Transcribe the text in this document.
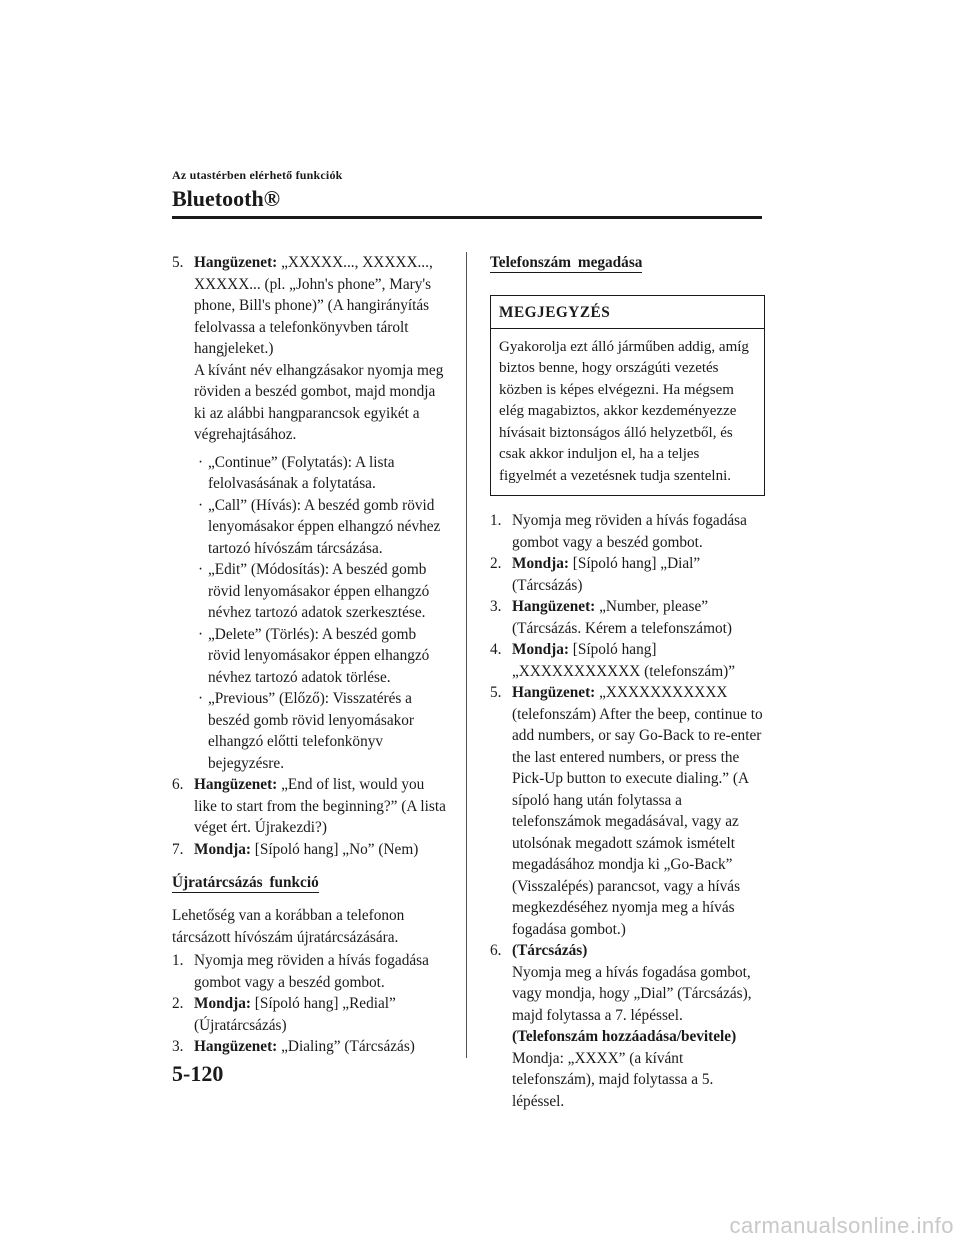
Az utastérben elérhető funkciók
Bluetooth®
5. Hangüzenet: „XXXXX..., XXXXX..., XXXXX... (pl. „John's phone”, Mary's phone, Bill's phone)” (A hangirányítás felolvassa a telefonkönyvben tárolt hangjeleket.)
A kívánt név elhangzásakor nyomja meg röviden a beszéd gombot, majd mondja ki az alábbi hangparancsok egyikét a végrehajtásához.
· „Continue” (Folytatás): A lista felolvasásának a folytatása.
· „Call” (Hívás): A beszéd gomb rövid lenyomásakor éppen elhangzó névhez tartozó hívószám tárcsázása.
· „Edit” (Módosítás): A beszéd gomb rövid lenyomásakor éppen elhangzó névhez tartozó adatok szerkesztése.
· „Delete” (Törlés): A beszéd gomb rövid lenyomásakor éppen elhangzó névhez tartozó adatok törlése.
· „Previous” (Előző): Visszatérés a beszéd gomb rövid lenyomásakor elhangzó előtti telefonkönyv bejegyzésre.
6. Hangüzenet: „End of list, would you like to start from the beginning?” (A lista véget ért. Újrakezdi?)
7. Mondja: [Sípoló hang] „No” (Nem)
Újratárcsázás funkció
Lehetőség van a korábban a telefonon tárcsázott hívószám újratárcsázására.
1. Nyomja meg röviden a hívás fogadása gombot vagy a beszéd gombot.
2. Mondja: [Sípoló hang] „Redial” (Újratárcsázás)
3. Hangüzenet: „Dialing” (Tárcsázás)
Telefonszám megadása
MEGJEGYZÉS
Gyakorolja ezt álló járműben addig, amíg biztos benne, hogy országúti vezetés közben is képes elvégezni. Ha mégsem elég magabiztos, akkor kezdeményezze hívásait biztonságos álló helyzetből, és csak akkor induljon el, ha a teljes figyelmét a vezetésnek tudja szentelni.
1. Nyomja meg röviden a hívás fogadása gombot vagy a beszéd gombot.
2. Mondja: [Sípoló hang] „Dial” (Tárcsázás)
3. Hangüzenet: „Number, please” (Tárcsázás. Kérem a telefonszámot)
4. Mondja: [Sípoló hang] „XXXXXXXXXXX (telefonszám)”
5. Hangüzenet: „XXXXXXXXXXX (telefonszám) After the beep, continue to add numbers, or say Go-Back to re-enter the last entered numbers, or press the Pick-Up button to execute dialing.” (A sípoló hang után folytassa a telefonszámok megadásával, vagy az utolsónak megadott számok ismételt megadásához mondja ki „Go-Back” (Visszalépés) parancsot, vagy a hívás megkezdéséhez nyomja meg a hívás fogadása gombot.)
6. (Tárcsázás)
Nyomja meg a hívás fogadása gombot, vagy mondja, hogy „Dial” (Tárcsázás), majd folytassa a 7. lépéssel.
(Telefonszám hozzáadása/bevitele)
Mondja: „XXXX” (a kívánt telefonszám), majd folytassa a 5. lépéssel.
5-120
carmanualsonline.info
